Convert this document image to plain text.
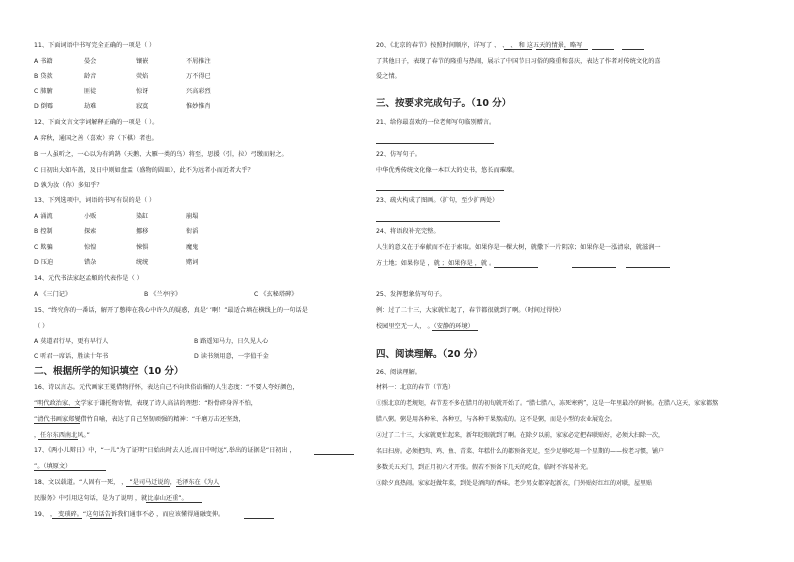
11、下面词语中书写完全正确的一项是（ ）
A 书籍	晏会	镶嵌	不屑推注
B 贷款	龄音	荧焰	万不得已
C 肺腑	匪徒	惊讶	兴高彩烈
D 倒霉	劫难	寂寞	惟妙惟肖
12、下面文言文字词解释正确的一项是（ ）。
A 弈秋，通国之善（喜欢）弈（下棋）者也。
B 一人虽听之，一心以为有鸿鹄（天鹅、大雁一类的鸟）将至，思援（引，拉）弓缴而射之。
C 日初出大如车盖，及日中则如盘盂（盛物的圆皿），此不为远者小而近者大乎？
D 孰为汝（你）多知乎？
13、下列选项中，词语的书写有误的是（ ）
A 涌流	小贩	染缸	崩塌
B 控制	探索	挪移	衔滔
C 欺骗	惊惶	悚惧	魔鬼
D 压迫	错杂	统统	赌词
14、元代书法家赵孟頫的代表作是（ ）
A 《三门记》	B 《兰亭序》	C 《玄秘塔碑》
15、“终究你的一番话，解开了憋抑在我心中许久的疑惑，真是‘ ’啊！”最适合填在横线上的一句话是
（ ）
A 莫道君行早，更有早行人	B 路遥知马力，日久见人心
C 听君一席话，胜读十年书	D 读书须用意，一字值千金
二、根据所学的知识填空（10 分）
16、诗以言志。元代画家王冕借物抒怀，表达自己不向世俗谄媚的人生态度：“不要人夸好颜色，
”明代政治家、文学家于谦托物寄情，表现了诗人高洁的理想：“粉骨碎身浑不怕，
”清代书画家郑燮借竹自喻，表达了自己坚韧顽强的精神：“千磨万击还坚劲，
，任尔东西南北风。”
17、《两小儿辩日》中，“一儿”为了证明“日始出时去人近,而日中时远”,举出的证据是“日初出 ，
”。（填原文）
18、文以载道。“人固有一死， ， ”是司马迁说的，毛泽东在《为人
民服务》中引用这句话，是为了说明 ，就比泰山还重”。
19、 ， 变琐碎。“这句话告诉我们通事不必 ，而应该懂得通融变伸。
20、《北京的春节》按照时间顺序，详写了 、 、 、 和 这五天的情景，略写
了其他日子，表现了春节的隆重与热闹，展示了中国节日习俗的隆重和喜庆，表达了作者对传统文化的喜
爱之情。
三、按要求完成句子。（10 分）
21、给你最喜欢的一位老师写句临别赠言。
22、仿写句子。
中华优秀传统文化像一本巨大的史书，悠长而璀璨。
23、疏火构成了图画。（扩句，至少扩两处）
24、将语段补充完整。
人生的意义在于奉献而不在于索取。如果你是一棵大树，就撒下一片阴凉；如果你是一泓清泉，就滋润一
方土地；如果你是 ，就 ；如果你是 ，就 。
25、发挥想象仿写句子。
例：过了二十三，大家就忙起了，春节都很就到了啊。（时间过得快）
校园里空无一人， 。（安静的环境）
四、阅读理解。（20 分）
26、阅读理解。
材料一：北京的春节（节选）
①照北京的老规矩，春节差不多在腊月的初旬就开始了。“腊七腊八，冻死寒鸦”，这是一年里最冷的时候。在腊八这天，家家都熬
腊八粥。粥是用各种米、各种豆，与各种干果熬成的。这不是粥，而是小型的农业展览会。
②过了二十三，大家就更忙起来，新年眨眼就到了啊。在除夕以前，家家必定把春联贴好，必须大扫除一次，
名曰扫房。必须把肉、鸡、鱼、青菜、年糕什么的都预备充足，至少足够吃用一个星期的——按老习惯，铺户
多数关五天门，到正月初六才开张。假若不预备下几天的吃食，临时不容易补充。
③除夕真热闹。家家赶做年菜，到处是酒肉的香味。老少男女都穿起新衣，门外贴好红红的对联，屋里贴
